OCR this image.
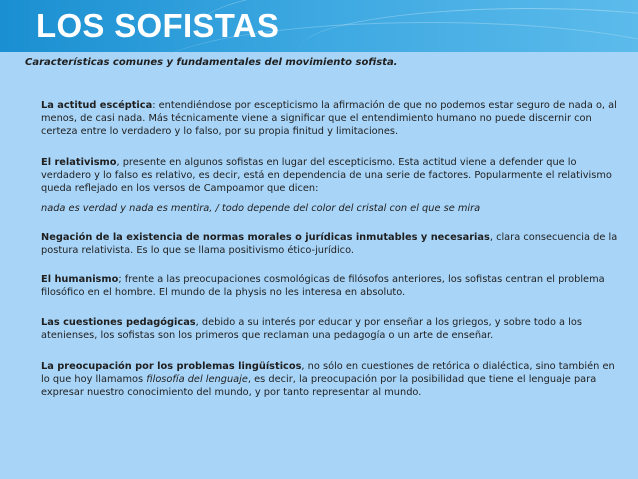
LOS SOFISTAS

Características comunes y fundamentales del movimiento sofista.

La actitud escéptica: entendiéndose por escepticismo la afirmación de que no podemos estar seguro de nada o, al menos, de casi nada. Más técnicamente viene a significar que el entendimiento humano no puede discernir con certeza entre lo verdadero y lo falso, por su propia finitud y limitaciones.

El relativismo, presente en algunos sofistas en lugar del escepticismo. Esta actitud viene a defender que lo verdadero y lo falso es relativo, es decir, está en dependencia de una serie de factores. Popularmente el relativismo queda reflejado en los versos de Campoamor que dicen:

nada es verdad y nada es mentira, / todo depende del color del cristal con el que se mira

Negación de la existencia de normas morales o jurídicas inmutables y necesarias, clara consecuencia de la postura relativista. Es lo que se llama positivismo ético-jurídico.

El humanismo; frente a las preocupaciones cosmológicas de filósofos anteriores, los sofistas centran el problema filosófico en el hombre. El mundo de la physis no les interesa en absoluto.

Las cuestiones pedagógicas, debido a su interés por educar y por enseñar a los griegos, y sobre todo a los atenienses, los sofistas son los primeros que reclaman una pedagogía o un arte de enseñar.

La preocupación por los problemas lingüísticos, no sólo en cuestiones de retórica o dialéctica, sino también en lo que hoy llamamos filosofía del lenguaje, es decir, la preocupación por la posibilidad que tiene el lenguaje para expresar nuestro conocimiento del mundo, y por tanto representar al mundo.
